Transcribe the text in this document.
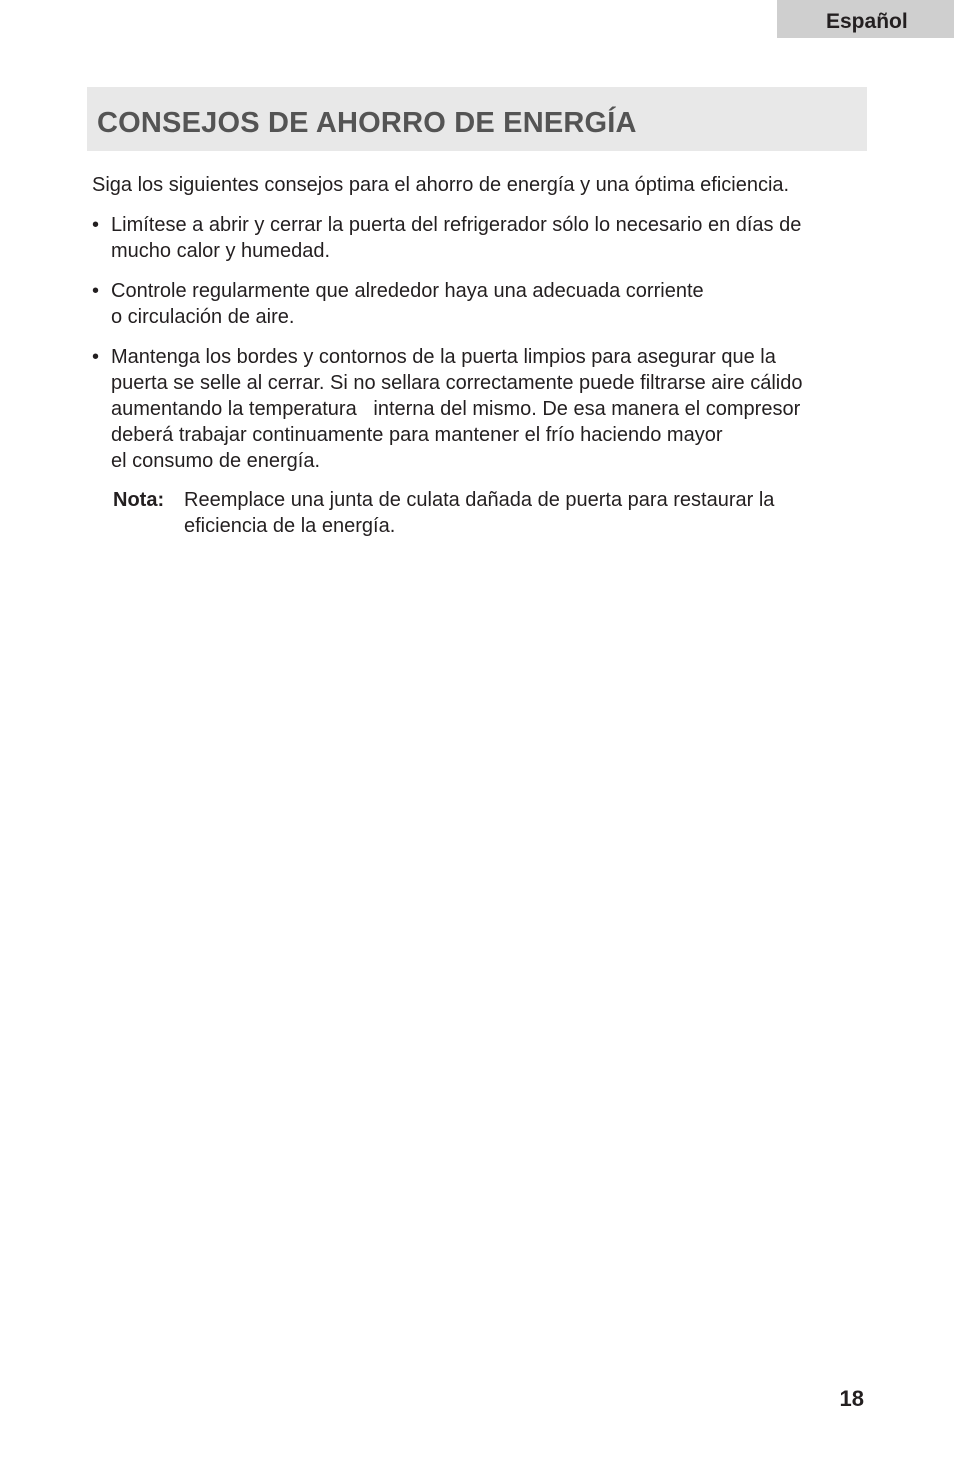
Español
CONSEJOS DE AHORRO DE ENERGÍA

Siga los siguientes consejos para el ahorro de energía y una óptima eficiencia.

• Limítese a abrir y cerrar la puerta del refrigerador sólo lo necesario en días de
mucho calor y humedad.
• Controle regularmente que alrededor haya una adecuada corriente
o circulación de aire.
• Mantenga los bordes y contornos de la puerta limpios para asegurar que la
puerta se selle al cerrar. Si no sellara correctamente puede filtrarse aire cálido
aumentando la temperatura   interna del mismo. De esa manera el compresor
deberá trabajar continuamente para mantener el frío haciendo mayor
el consumo de energía.
Nota: Reemplace una junta de culata dañada de puerta para restaurar la
eficiencia de la energía.
18
